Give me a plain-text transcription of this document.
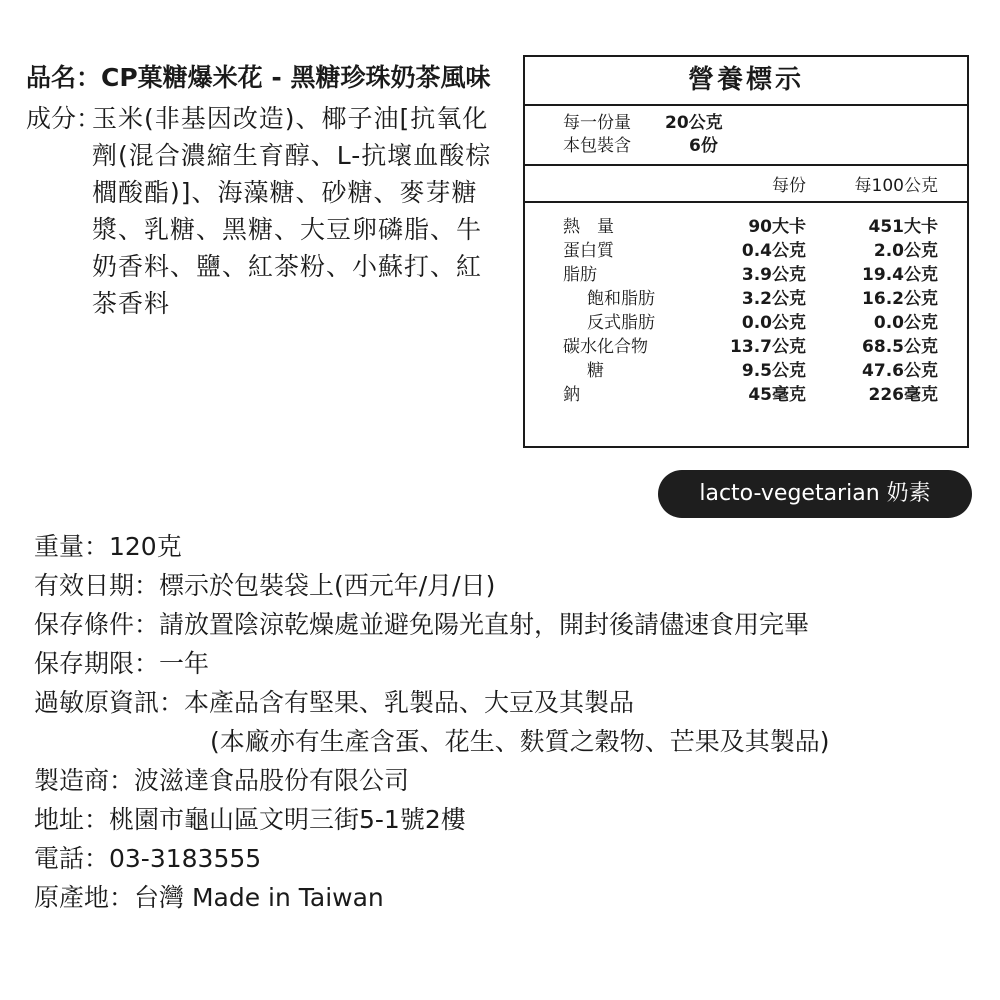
品名：CP菓糖爆米花 - 黑糖珍珠奶茶風味
成分：
玉米(非基因改造)、椰子油[抗氧化劑(混合濃縮生育醇、L-抗壞血酸棕櫚酸酯)]、海藻糖、砂糖、麥芽糖漿、乳糖、黑糖、大豆卵磷脂、牛奶香料、鹽、紅茶粉、小蘇打、紅茶香料
營養標示
每一份量	20公克
本包裝含	6份
每份	每100公克
熱　量	90大卡	451大卡
蛋白質	0.4公克	2.0公克
脂肪	3.9公克	19.4公克
飽和脂肪	3.2公克	16.2公克
反式脂肪	0.0公克	0.0公克
碳水化合物	13.7公克	68.5公克
糖	9.5公克	47.6公克
鈉	45毫克	226毫克
lacto-vegetarian 奶素
重量：120克
有效日期：標示於包裝袋上(西元年/月/日)
保存條件：請放置陰涼乾燥處並避免陽光直射，開封後請儘速食用完畢
保存期限：一年
過敏原資訊：本產品含有堅果、乳製品、大豆及其製品
(本廠亦有生產含蛋、花生、麩質之穀物、芒果及其製品)
製造商：波滋達食品股份有限公司
地址：桃園市龜山區文明三街5-1號2樓
電話：03-3183555
原產地：台灣 Made in Taiwan
